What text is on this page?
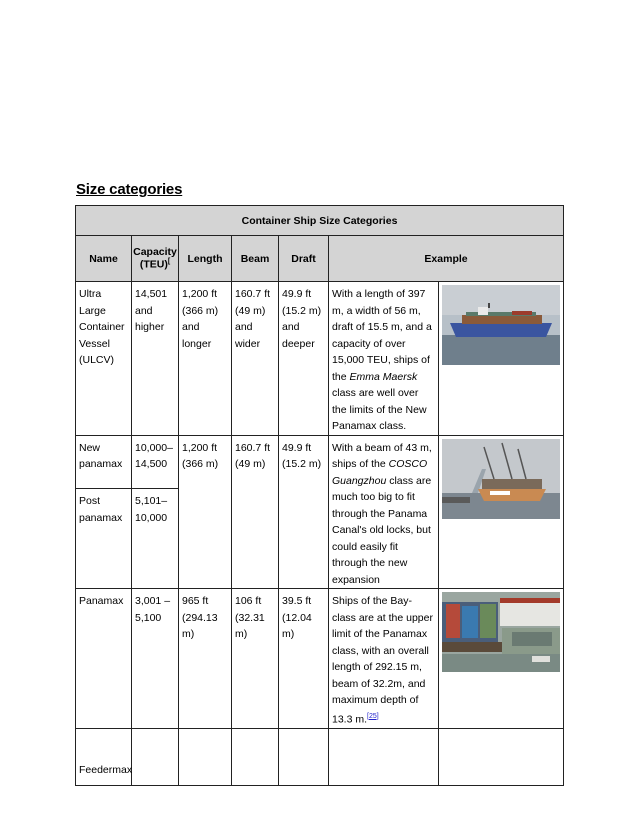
Size categories
Container Ship Size Categories						
Name	Capacity (TEU)[	Length	Beam	Draft	Example	
Ultra Large Container Vessel (ULCV)	14,501 and higher	1,200 ft (366 m) and longer	160.7 ft (49 m) and wider	49.9 ft (15.2 m) and deeper	With a length of 397 m, a width of 56 m, draft of 15.5 m, and a capacity of over 15,000 TEU, ships of the Emma Maersk class are well over the limits of the New Panamax class.	

New panamax	10,000– 14,500	1,200 ft (366 m)	160.7 ft (49 m)	49.9 ft (15.2 m)	With a beam of 43 m, ships of the COSCO Guangzhou class are much too big to fit through the Panama Canal's old locks, but could easily fit through the new expansion	

Post panamax	5,101– 10,000					
Panamax	3,001 – 5,100	965 ft (294.13 m)	106 ft (32.31 m)	39.5 ft (12.04 m)	Ships of the Bay-class are at the upper limit of the Panamax class, with an overall length of 292.15 m, beam of 32.2m, and maximum depth of 13.3 m.[25]	

Feedermax						
